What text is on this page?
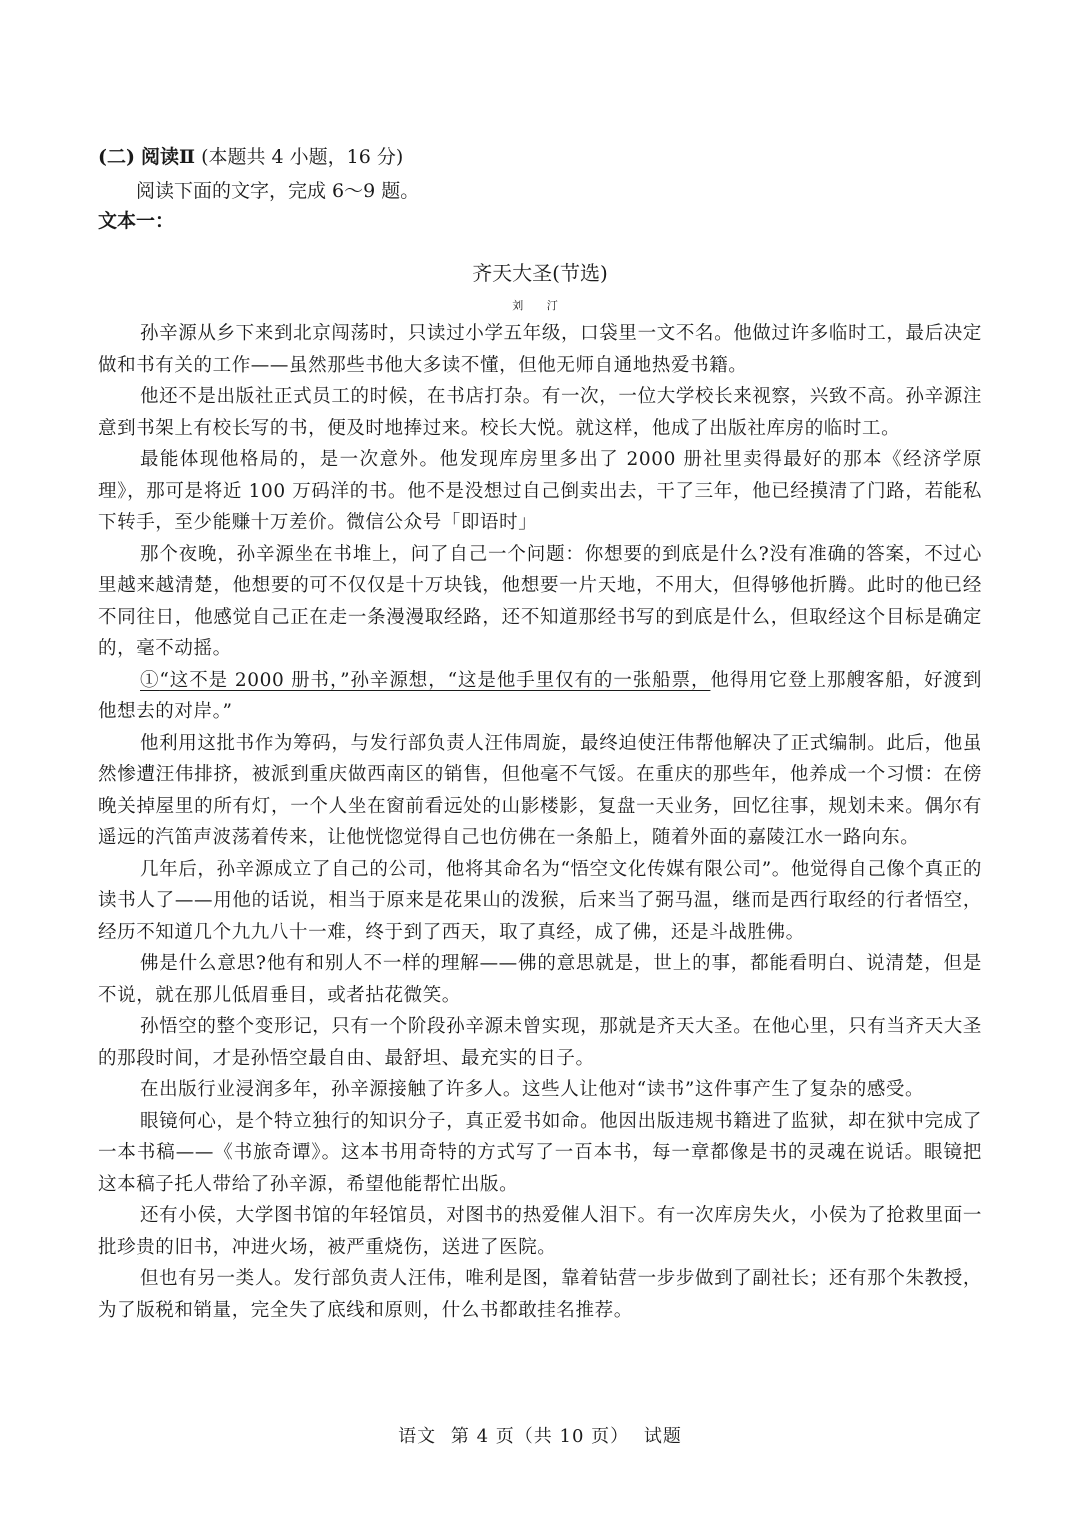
(二) 阅读Ⅱ (本题共 4 小题，16 分)

阅读下面的文字，完成 6～9 题。

文本一：

齐天大圣(节选)

刘 汀

孙辛源从乡下来到北京闯荡时，只读过小学五年级，口袋里一文不名。他做过许多临时工，最后决定做和书有关的工作——虽然那些书他大多读不懂，但他无师自通地热爱书籍。

他还不是出版社正式员工的时候，在书店打杂。有一次，一位大学校长来视察，兴致不高。孙辛源注意到书架上有校长写的书，便及时地捧过来。校长大悦。就这样，他成了出版社库房的临时工。

最能体现他格局的，是一次意外。他发现库房里多出了 2000 册社里卖得最好的那本《经济学原理》，那可是将近 100 万码洋的书。他不是没想过自己倒卖出去，干了三年，他已经摸清了门路，若能私下转手，至少能赚十万差价。微信公众号「即语时」

那个夜晚，孙辛源坐在书堆上，问了自己一个问题：你想要的到底是什么?没有准确的答案，不过心里越来越清楚，他想要的可不仅仅是十万块钱，他想要一片天地，不用大，但得够他折腾。此时的他已经不同往日，他感觉自己正在走一条漫漫取经路，还不知道那经书写的到底是什么，但取经这个目标是确定的，毫不动摇。

①“这不是 2000 册书，”孙辛源想，“这是他手里仅有的一张船票，他得用它登上那艘客船，好渡到他想去的对岸。”

他利用这批书作为筹码，与发行部负责人汪伟周旋，最终迫使汪伟帮他解决了正式编制。此后，他虽然惨遭汪伟排挤，被派到重庆做西南区的销售，但他毫不气馁。在重庆的那些年，他养成一个习惯：在傍晚关掉屋里的所有灯，一个人坐在窗前看远处的山影楼影，复盘一天业务，回忆往事，规划未来。偶尔有遥远的汽笛声波荡着传来，让他恍惚觉得自己也仿佛在一条船上，随着外面的嘉陵江水一路向东。

几年后，孙辛源成立了自己的公司，他将其命名为“悟空文化传媒有限公司”。他觉得自己像个真正的读书人了——用他的话说，相当于原来是花果山的泼猴，后来当了弼马温，继而是西行取经的行者悟空，经历不知道几个九九八十一难，终于到了西天，取了真经，成了佛，还是斗战胜佛。

佛是什么意思?他有和别人不一样的理解——佛的意思就是，世上的事，都能看明白、说清楚，但是不说，就在那儿低眉垂目，或者拈花微笑。

孙悟空的整个变形记，只有一个阶段孙辛源未曾实现，那就是齐天大圣。在他心里，只有当齐天大圣的那段时间，才是孙悟空最自由、最舒坦、最充实的日子。

在出版行业浸润多年，孙辛源接触了许多人。这些人让他对“读书”这件事产生了复杂的感受。

眼镜何心，是个特立独行的知识分子，真正爱书如命。他因出版违规书籍进了监狱，却在狱中完成了一本书稿——《书旅奇谭》。这本书用奇特的方式写了一百本书，每一章都像是书的灵魂在说话。眼镜把这本稿子托人带给了孙辛源，希望他能帮忙出版。

还有小侯，大学图书馆的年轻馆员，对图书的热爱催人泪下。有一次库房失火，小侯为了抢救里面一批珍贵的旧书，冲进火场，被严重烧伤，送进了医院。

但也有另一类人。发行部负责人汪伟，唯利是图，靠着钻营一步步做到了副社长；还有那个朱教授，为了版税和销量，完全失了底线和原则，什么书都敢挂名推荐。

语文 第 4 页（共 10 页） 试题
